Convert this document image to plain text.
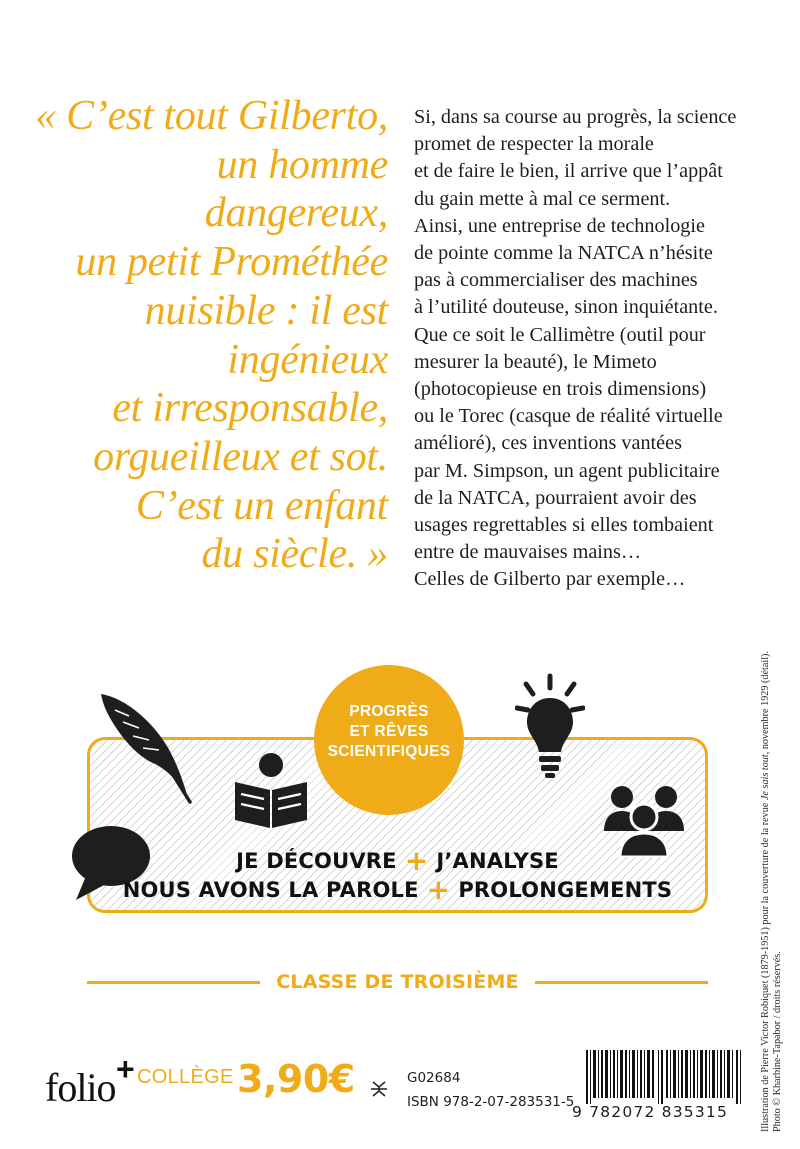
« C’est tout Gilberto,
un homme
dangereux,
un petit Prométhée
nuisible : il est
ingénieux
et irresponsable,
orgueilleux et sot.
C’est un enfant
du siècle. »
Si, dans sa course au progrès, la science
promet de respecter la morale
et de faire le bien, il arrive que l’appât
du gain mette à mal ce serment.
Ainsi, une entreprise de technologie
de pointe comme la NATCA n’hésite
pas à commercialiser des machines
à l’utilité douteuse, sinon inquiétante.
Que ce soit le Callimètre (outil pour
mesurer la beauté), le Mimeto
(photocopieuse en trois dimensions)
ou le Torec (casque de réalité virtuelle
amélioré), ces inventions vantées
par M. Simpson, un agent publicitaire
de la NATCA, pourraient avoir des
usages regrettables si elles tombaient
entre de mauvaises mains…
Celles de Gilberto par exemple…
Illustration de Pierre Victor Robiquet (1879-1951) pour la couverture de la revue Je sais tout, novembre 1929 (détail).
Photo © Kharbine-Tapabor / droits réservés.
PROGRÈS
ET RÊVES
SCIENTIFIQUES
JE DÉCOUVRE + J’ANALYSE
NOUS AVONS LA PAROLE + PROLONGEMENTS
CLASSE DE TROISIÈME
folio + COLLÈGE 3,90€	G02684
ISBN 978-2-07-283531-5
9 782072 835315
